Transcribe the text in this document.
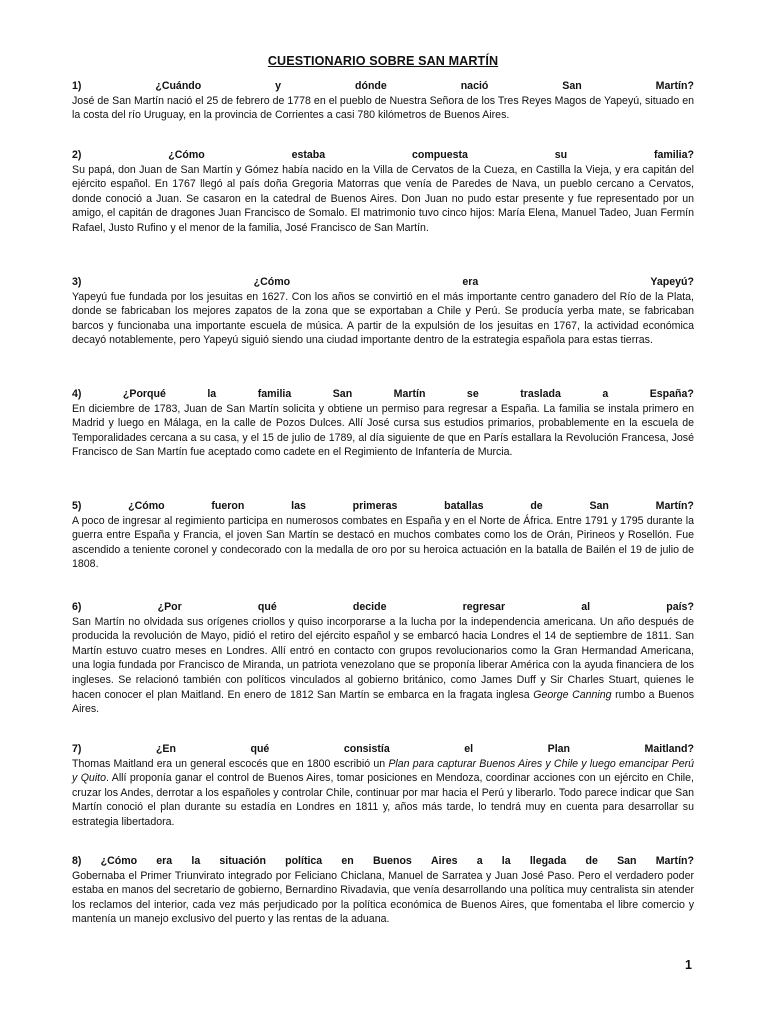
CUESTIONARIO SOBRE SAN MARTÍN
1)	¿Cuándo	y	dónde	nació	San	Martín?
José de San Martín nació el 25 de febrero de 1778 en el pueblo de Nuestra Señora de los Tres Reyes Magos de Yapeyú, situado en la costa del río Uruguay, en la provincia de Corrientes a casi 780 kilómetros de Buenos Aires.
2)	¿Cómo	estaba	compuesta	su	familia?
Su papá, don Juan de San Martín y Gómez había nacido en la Villa de Cervatos de la Cueza, en Castilla la Vieja, y era capitán del ejército español. En 1767 llegó al país doña Gregoria Matorras que venía de Paredes de Nava, un pueblo cercano a Cervatos, donde conoció a Juan. Se casaron en la catedral de Buenos Aires. Don Juan no pudo estar presente y fue representado por un amigo, el capitán de dragones Juan Francisco de Somalo. El matrimonio tuvo cinco hijos: María Elena, Manuel Tadeo, Juan Fermín Rafael, Justo Rufino y el menor de la familia, José Francisco de San Martín.
3)	¿Cómo	era	Yapeyú?
Yapeyú fue fundada por los jesuitas en 1627. Con los años se convirtió en el más importante centro ganadero del Río de la Plata, donde se fabricaban los mejores zapatos de la zona que se exportaban a Chile y Perú. Se producía yerba mate, se fabricaban barcos y funcionaba una importante escuela de música. A partir de la expulsión de los jesuitas en 1767, la actividad económica decayó notablemente, pero Yapeyú siguió siendo una ciudad importante dentro de la estrategia española para estas tierras.
4)	¿Porqué	la	familia	San	Martín	se	traslada	a	España?
En diciembre de 1783, Juan de San Martín solicita y obtiene un permiso para regresar a España. La familia se instala primero en Madrid y luego en Málaga, en la calle de Pozos Dulces. Allí José cursa sus estudios primarios, probablemente en la escuela de Temporalidades cercana a su casa, y el 15 de julio de 1789, al día siguiente de que en París estallara la Revolución Francesa, José Francisco de San Martín fue aceptado como cadete en el Regimiento de Infantería de Murcia.
5)	¿Cómo	fueron	las	primeras	batallas	de	San	Martín?
A poco de ingresar al regimiento participa en numerosos combates en España y en el Norte de África. Entre 1791 y 1795 durante la guerra entre España y Francia, el joven San Martín se destacó en muchos combates como los de Orán, Pirineos y Rosellón. Fue ascendido a teniente coronel y condecorado con la medalla de oro por su heroica actuación en la batalla de Bailén el 19 de julio de 1808.
6)	¿Por	qué	decide	regresar	al	país?
San Martín no olvidada sus orígenes criollos y quiso incorporarse a la lucha por la independencia americana. Un año después de producida la revolución de Mayo, pidió el retiro del ejército español y se embarcó hacia Londres el 14 de septiembre de 1811. San Martín estuvo cuatro meses en Londres. Allí entró en contacto con grupos revolucionarios como la Gran Hermandad Americana, una logia fundada por Francisco de Miranda, un patriota venezolano que se proponía liberar América con la ayuda financiera de los ingleses. Se relacionó también con políticos vinculados al gobierno británico, como James Duff y Sir Charles Stuart, quienes le hacen conocer el plan Maitland. En enero de 1812 San Martín se embarca en la fragata inglesa George Canning rumbo a Buenos Aires.
7)	¿En	qué	consistía	el	Plan	Maitland?
Thomas Maitland era un general escocés que en 1800 escribió un Plan para capturar Buenos Aires y Chile y luego emancipar Perú y Quito. Allí proponía ganar el control de Buenos Aires, tomar posiciones en Mendoza, coordinar acciones con un ejército en Chile, cruzar los Andes, derrotar a los españoles y controlar Chile, continuar por mar hacia el Perú y liberarlo. Todo parece indicar que San Martín conoció el plan durante su estadía en Londres en 1811 y, años más tarde, lo tendrá muy en cuenta para desarrollar su estrategia libertadora.
8) ¿Cómo era la situación política en Buenos Aires a la llegada de San Martín?
Gobernaba el Primer Triunvirato integrado por Feliciano Chiclana, Manuel de Sarratea y Juan José Paso. Pero el verdadero poder estaba en manos del secretario de gobierno, Bernardino Rivadavia, que venía desarrollando una política muy centralista sin atender los reclamos del interior, cada vez más perjudicado por la política económica de Buenos Aires, que fomentaba el libre comercio y mantenía un manejo exclusivo del puerto y las rentas de la aduana.
1
